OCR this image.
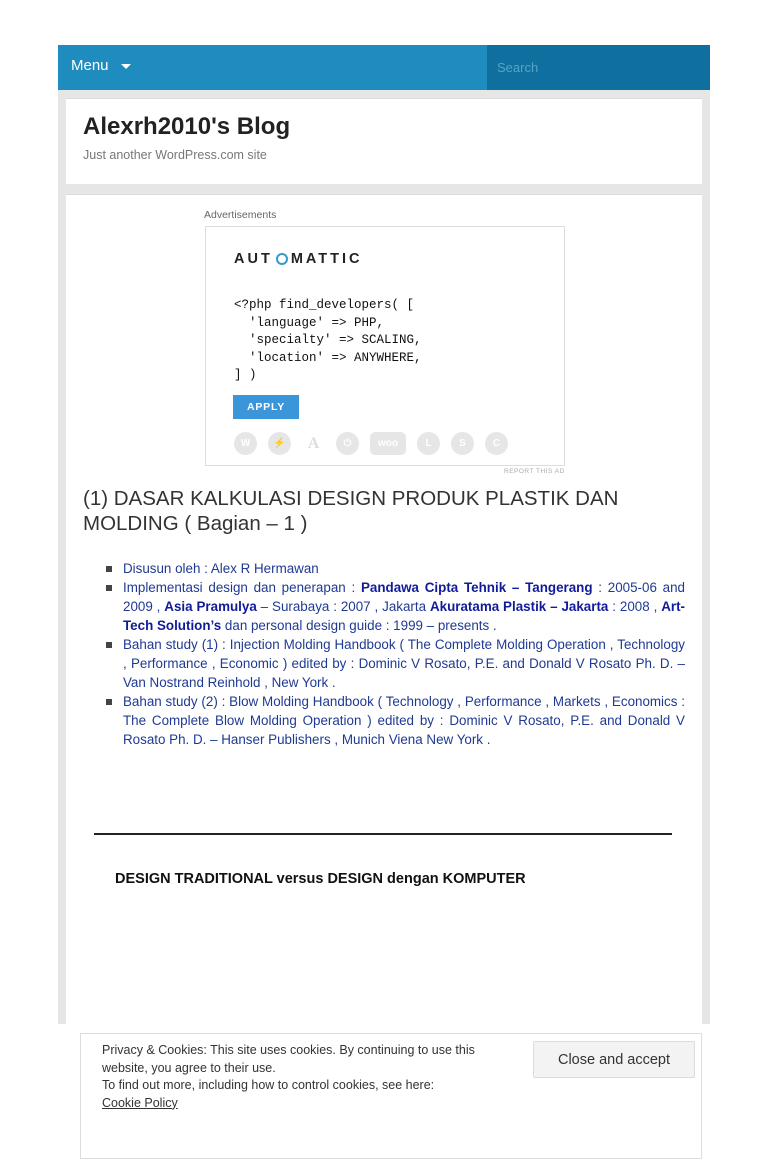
Menu
Search
Alexrh2010's Blog
Just another WordPress.com site
Advertisements
AUT MATTIC
<?php find_developers( [
'language' => PHP,
'specialty' => SCALING,
'location' => ANYWHERE,
] )
APPLY
W	⚡	A	⏻	woo	L	S	C
REPORT THIS AD
(1) DASAR KALKULASI DESIGN PRODUK PLASTIK DAN MOLDING ( Bagian – 1 )
Disusun oleh : Alex R Hermawan
Implementasi design dan penerapan : Pandawa Cipta Tehnik – Tangerang : 2005-06 and 2009 , Asia Pramulya – Surabaya : 2007 , Jakarta Akuratama Plastik – Jakarta : 2008 , Art-Tech Solution’s dan personal design guide : 1999 – presents .
Bahan study (1) : Injection Molding Handbook ( The Complete Molding Operation , Technology , Performance , Economic ) edited by : Dominic V Rosato, P.E. and Donald V Rosato Ph. D. – Van Nostrand Reinhold , New York .
Bahan study (2) : Blow Molding Handbook ( Technology , Performance , Markets , Economics : The Complete Blow Molding Operation ) edited by : Dominic V Rosato, P.E. and Donald V Rosato Ph. D. – Hanser Publishers , Munich Viena New York .
DESIGN TRADITIONAL versus DESIGN dengan KOMPUTER
Privacy & Cookies: This site uses cookies. By continuing to use this website, you agree to their use.
To find out more, including how to control cookies, see here:
Cookie Policy
Close and accept
